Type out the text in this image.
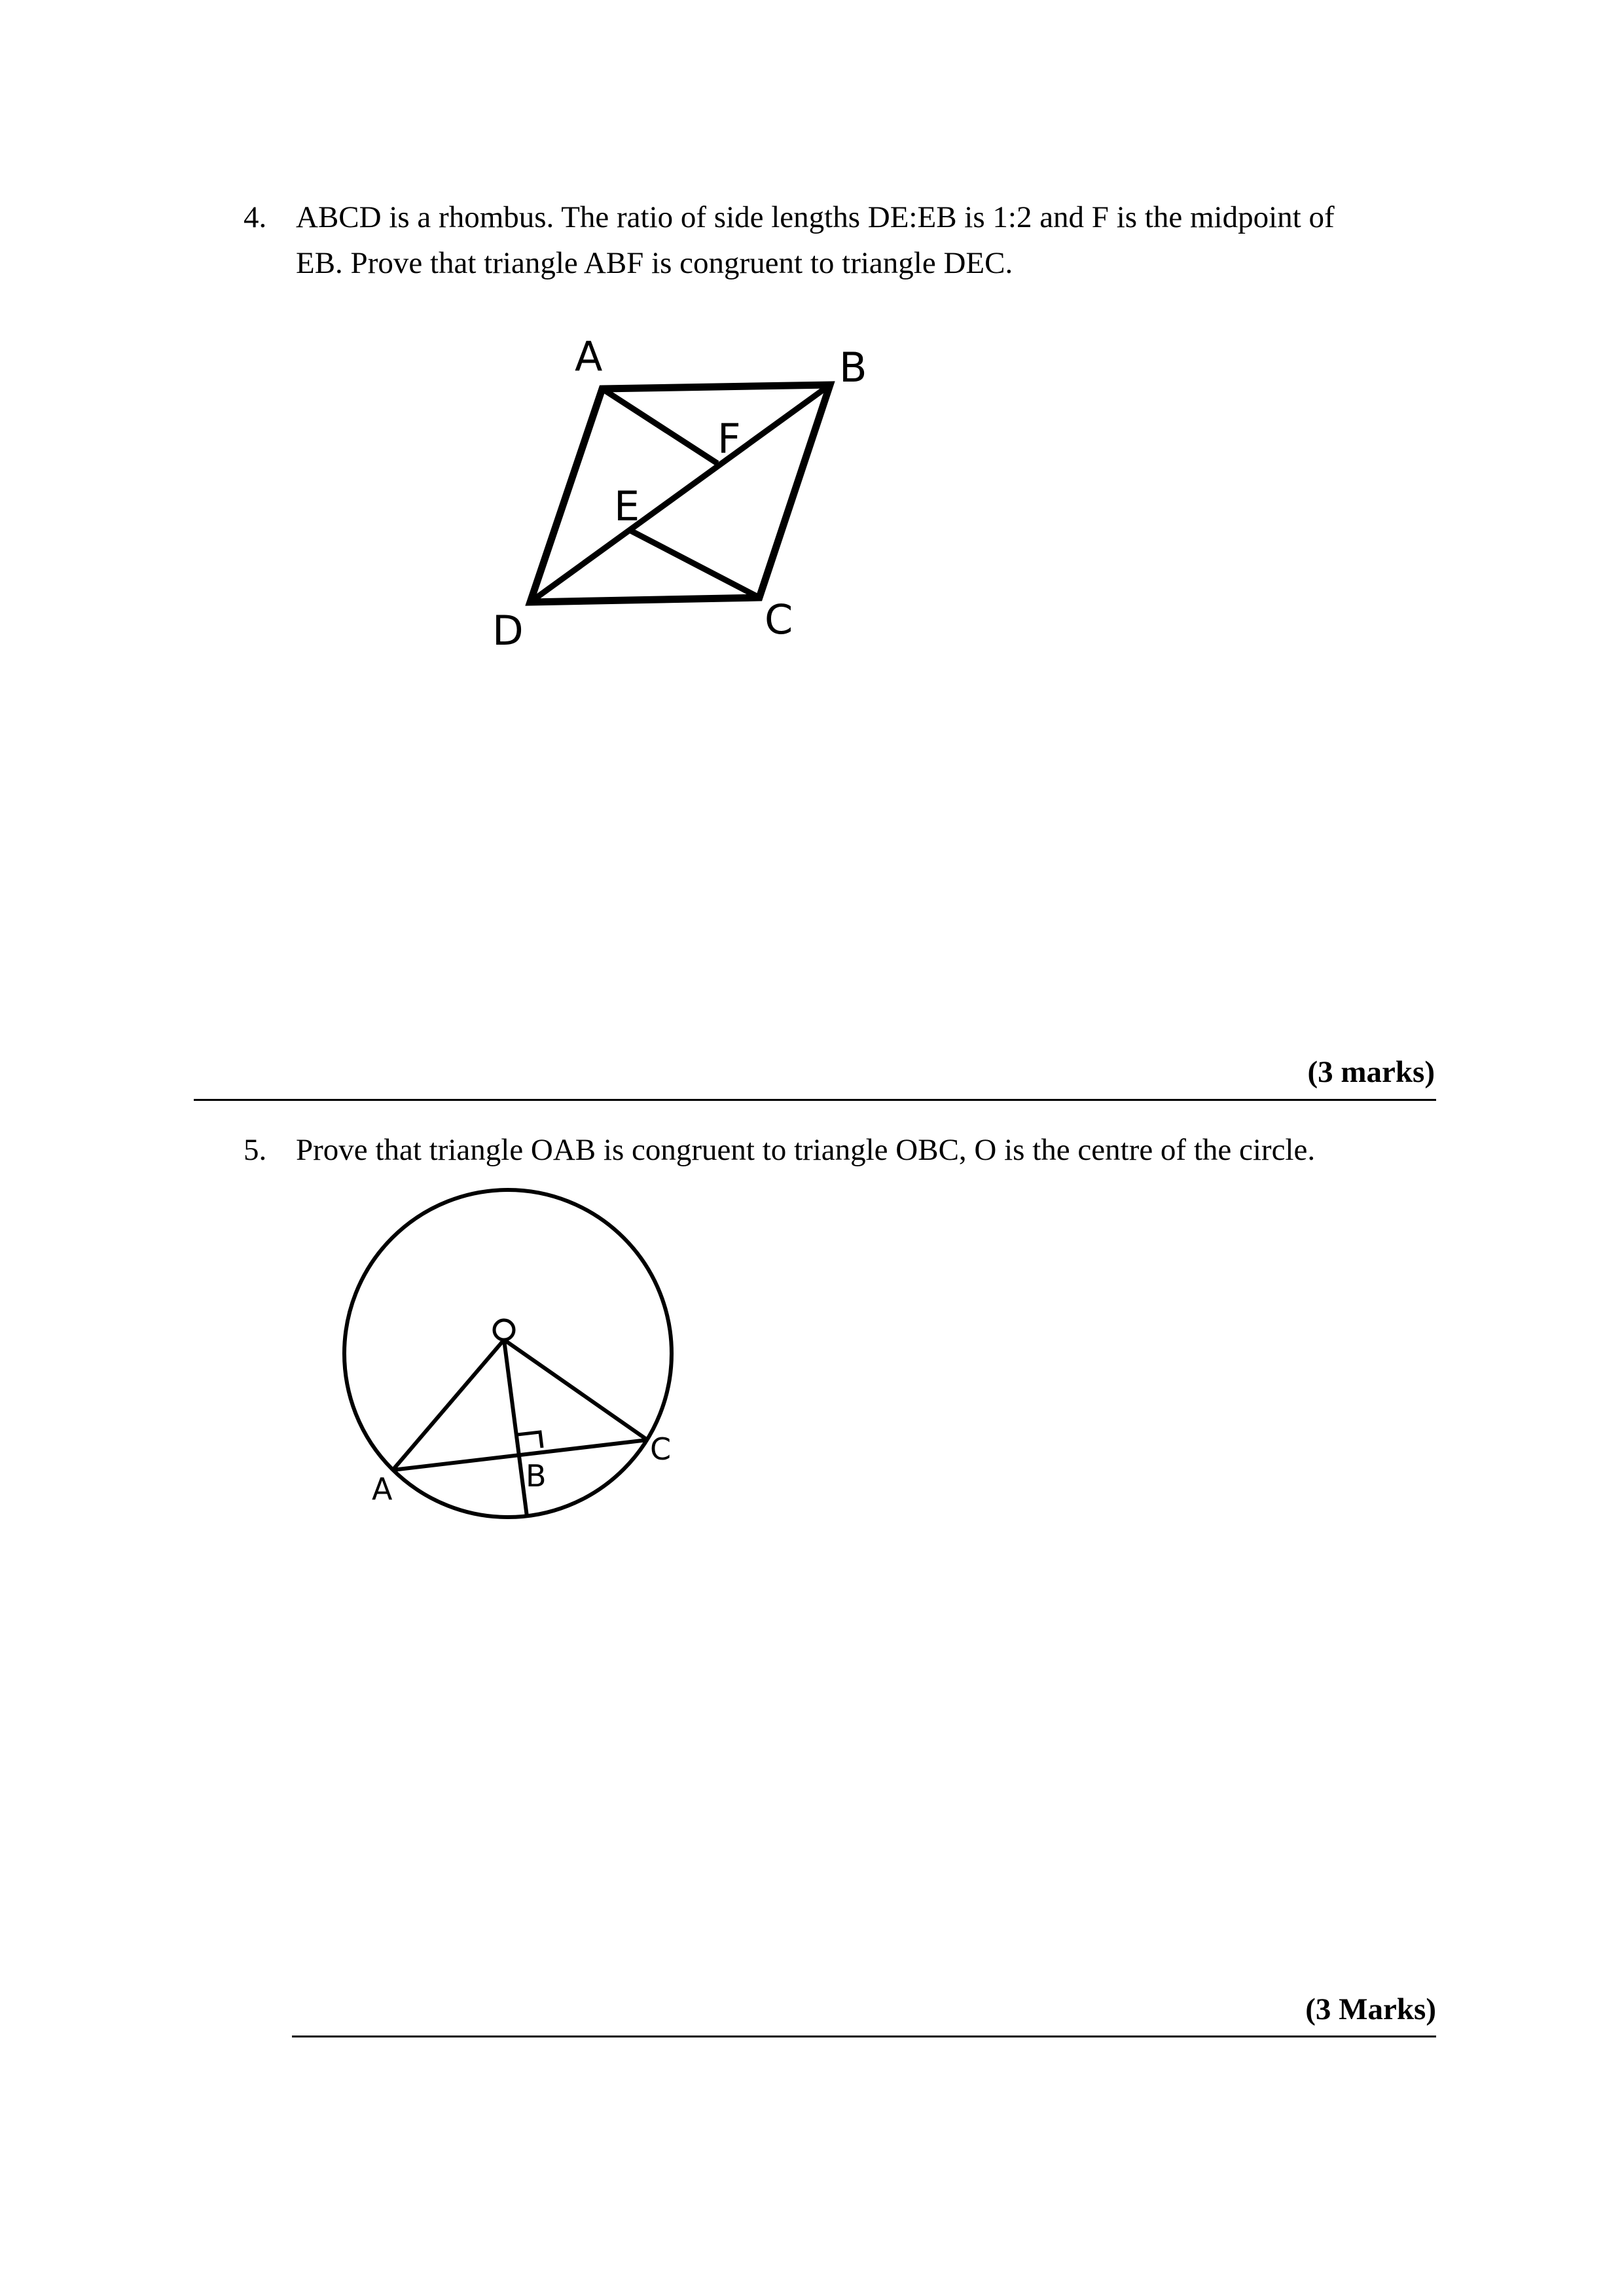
4. ABCD is a rhombus. The ratio of side lengths DE:EB is 1:2 and F is the midpoint of
EB. Prove that triangle ABF is congruent to triangle DEC.
A	B
F
E
D	C
(3 marks)
5. Prove that triangle OAB is congruent to triangle OBC, O is the centre of the circle.
A	B
C
(3 Marks)
